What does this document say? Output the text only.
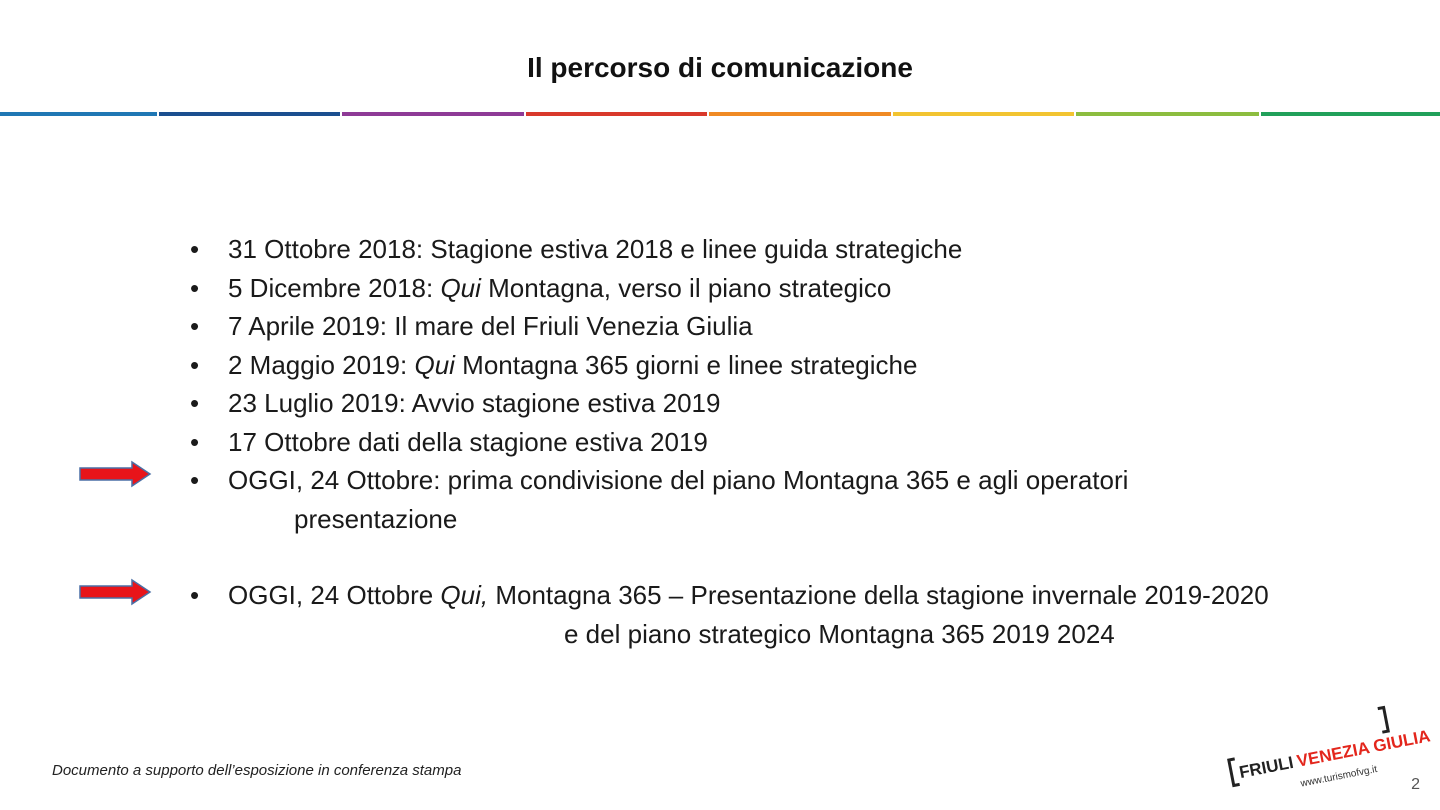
Il percorso di comunicazione
• 31 Ottobre 2018: Stagione estiva 2018 e linee guida strategiche
• 5 Dicembre 2018: Qui Montagna, verso il piano strategico
• 7 Aprile 2019: Il mare del Friuli Venezia Giulia
• 2 Maggio 2019: Qui Montagna 365 giorni e linee strategiche
• 23 Luglio 2019: Avvio stagione estiva 2019
• 17 Ottobre dati della stagione estiva 2019
• OGGI, 24 Ottobre: prima condivisione del piano Montagna 365 e agli operatori
presentazione
• OGGI, 24 Ottobre Qui, Montagna 365 – Presentazione della stagione invernale 2019-2020
e del piano strategico Montagna 365 2019 2024
Documento a supporto dell’esposizione in conferenza stampa	FRIULIVENEZIA GIULIA
www.turismofvg.it 2
